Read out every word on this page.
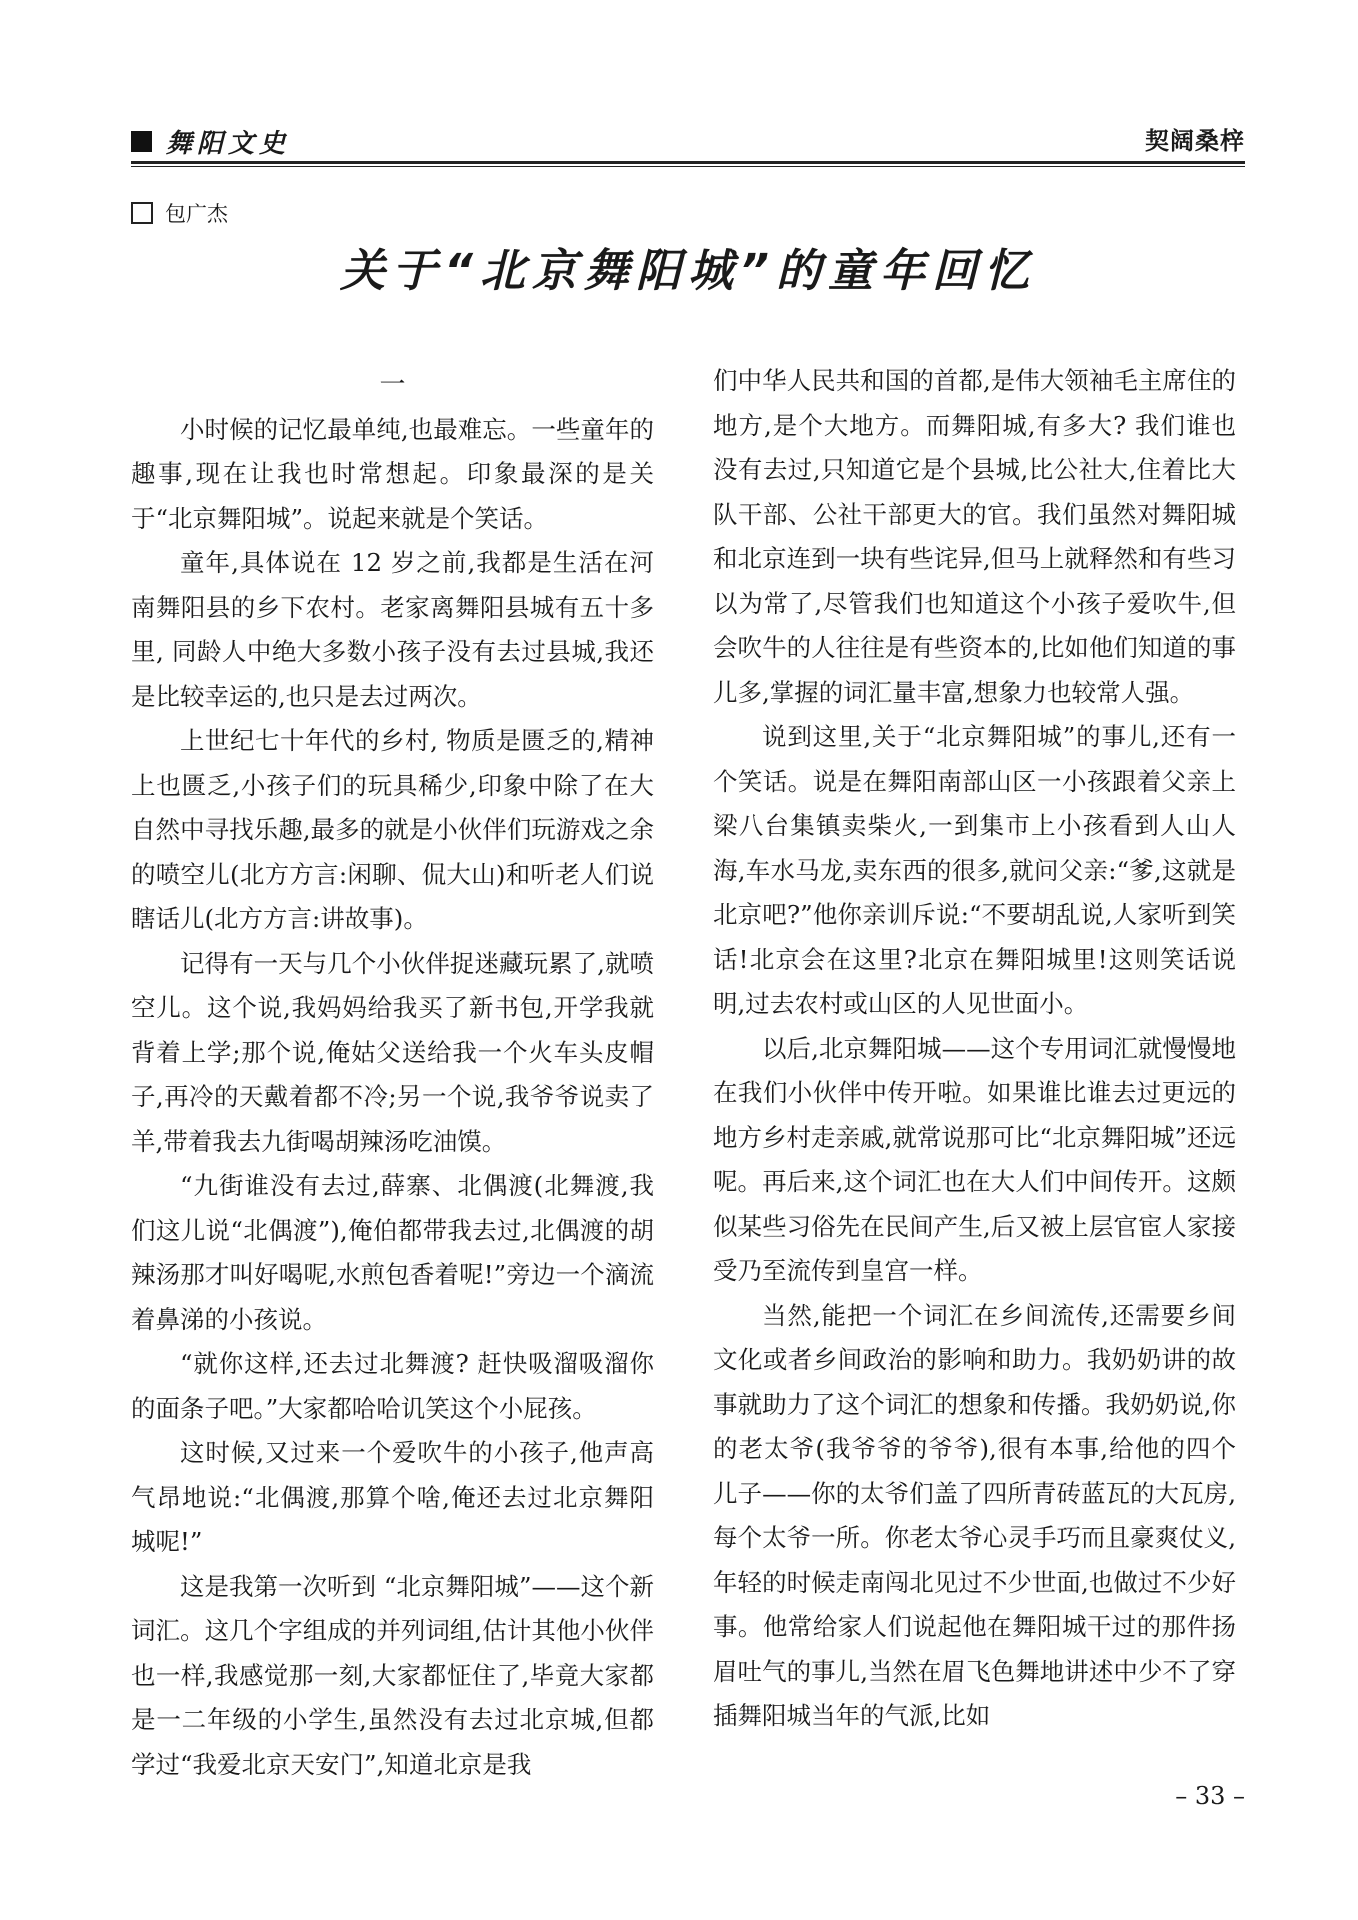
舞阳文史	契阔桑梓
包广杰
关于“北京舞阳城”的童年回忆
一

小时候的记忆最单纯,也最难忘。一些童年的趣事,现在让我也时常想起。印象最深的是关于“北京舞阳城”。说起来就是个笑话。

童年,具体说在 12 岁之前,我都是生活在河南舞阳县的乡下农村。老家离舞阳县城有五十多里, 同龄人中绝大多数小孩子没有去过县城,我还是比较幸运的,也只是去过两次。

上世纪七十年代的乡村, 物质是匮乏的,精神上也匮乏,小孩子们的玩具稀少,印象中除了在大自然中寻找乐趣,最多的就是小伙伴们玩游戏之余的喷空儿(北方方言:闲聊、侃大山)和听老人们说瞎话儿(北方方言:讲故事)。

记得有一天与几个小伙伴捉迷藏玩累了,就喷空儿。这个说,我妈妈给我买了新书包,开学我就背着上学;那个说,俺姑父送给我一个火车头皮帽子,再冷的天戴着都不冷;另一个说,我爷爷说卖了羊,带着我去九街喝胡辣汤吃油馍。

“九街谁没有去过,薛寨、北偶渡(北舞渡,我们这儿说“北偶渡”),俺伯都带我去过,北偶渡的胡辣汤那才叫好喝呢,水煎包香着呢!”旁边一个滴流着鼻涕的小孩说。

“就你这样,还去过北舞渡? 赶快吸溜吸溜你的面条子吧。”大家都哈哈讥笑这个小屁孩。

这时候,又过来一个爱吹牛的小孩子,他声高气昂地说:“北偶渡,那算个啥,俺还去过北京舞阳城呢!”

这是我第一次听到 “北京舞阳城”——这个新词汇。这几个字组成的并列词组,估计其他小伙伴也一样,我感觉那一刻,大家都怔住了,毕竟大家都是一二年级的小学生,虽然没有去过北京城,但都学过“我爱北京天安门”,知道北京是我

们中华人民共和国的首都,是伟大领袖毛主席住的地方,是个大地方。而舞阳城,有多大? 我们谁也没有去过,只知道它是个县城,比公社大,住着比大队干部、公社干部更大的官。我们虽然对舞阳城和北京连到一块有些诧异,但马上就释然和有些习以为常了,尽管我们也知道这个小孩子爱吹牛,但会吹牛的人往往是有些资本的,比如他们知道的事儿多,掌握的词汇量丰富,想象力也较常人强。

说到这里,关于“北京舞阳城”的事儿,还有一个笑话。说是在舞阳南部山区一小孩跟着父亲上梁八台集镇卖柴火,一到集市上小孩看到人山人海,车水马龙,卖东西的很多,就问父亲:“爹,这就是北京吧?”他你亲训斥说:“不要胡乱说,人家听到笑话!北京会在这里?北京在舞阳城里!这则笑话说明,过去农村或山区的人见世面小。

以后,北京舞阳城——这个专用词汇就慢慢地在我们小伙伴中传开啦。如果谁比谁去过更远的地方乡村走亲戚,就常说那可比“北京舞阳城”还远呢。再后来,这个词汇也在大人们中间传开。这颇似某些习俗先在民间产生,后又被上层官宦人家接受乃至流传到皇宫一样。

当然,能把一个词汇在乡间流传,还需要乡间文化或者乡间政治的影响和助力。我奶奶讲的故事就助力了这个词汇的想象和传播。我奶奶说,你的老太爷(我爷爷的爷爷),很有本事,给他的四个儿子——你的太爷们盖了四所青砖蓝瓦的大瓦房,每个太爷一所。你老太爷心灵手巧而且豪爽仗义, 年轻的时候走南闯北见过不少世面,也做过不少好事。他常给家人们说起他在舞阳城干过的那件扬眉吐气的事儿,当然在眉飞色舞地讲述中少不了穿插舞阳城当年的气派,比如

– 33 –
